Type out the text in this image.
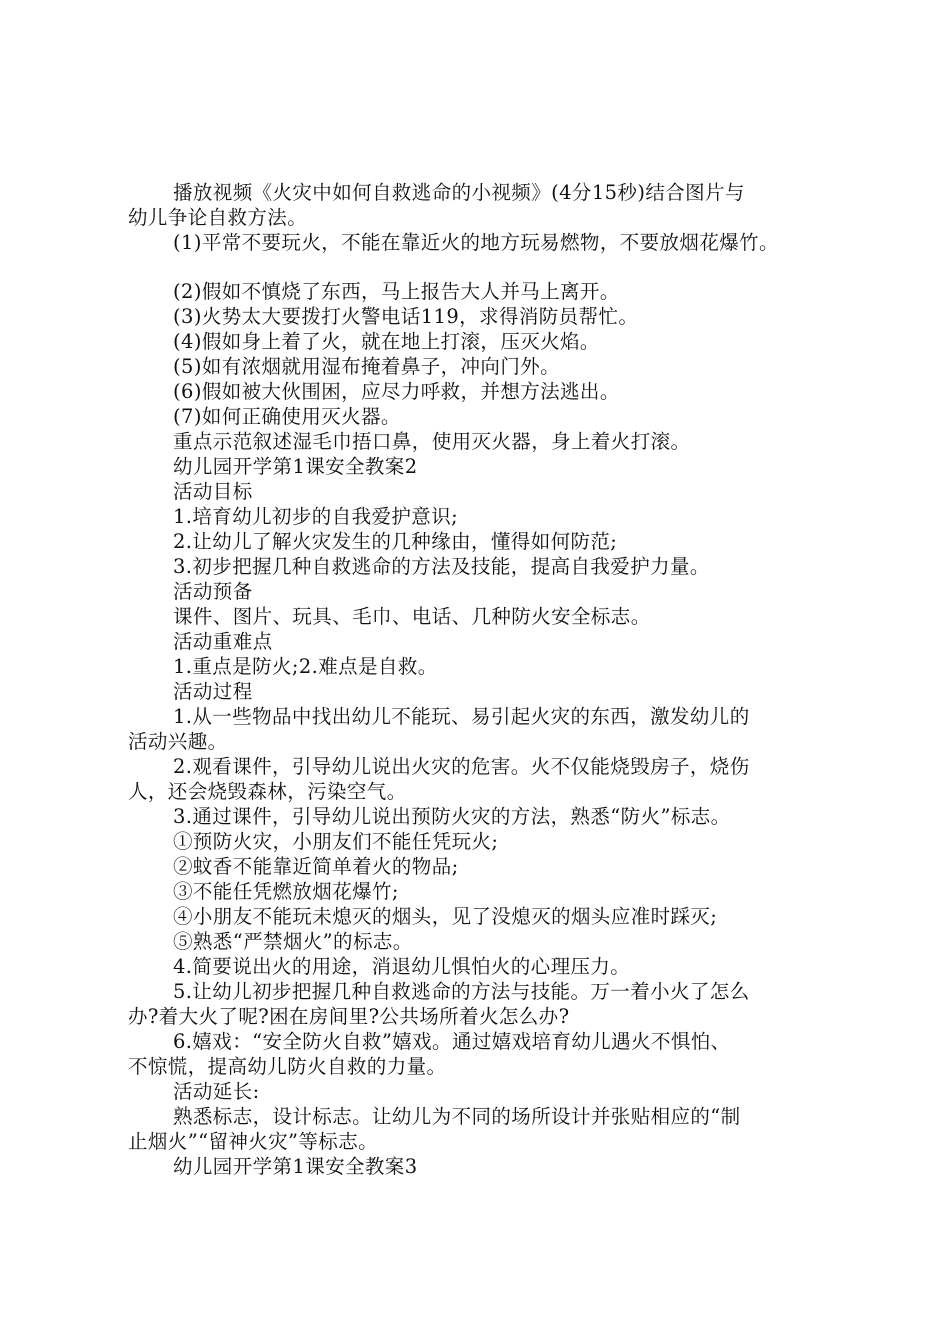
播放视频《火灾中如何自救逃命的小视频》(4分15秒)结合图片与
幼儿争论自救方法。
(1)平常不要玩火，不能在靠近火的地方玩易燃物，不要放烟花爆竹。
(2)假如不慎烧了东西，马上报告大人并马上离开。
(3)火势太大要拨打火警电话119，求得消防员帮忙。
(4)假如身上着了火，就在地上打滚，压灭火焰。
(5)如有浓烟就用湿布掩着鼻子，冲向门外。
(6)假如被大伙围困，应尽力呼救，并想方法逃出。
(7)如何正确使用灭火器。
重点示范叙述湿毛巾捂口鼻，使用灭火器，身上着火打滚。
幼儿园开学第1课安全教案2
活动目标
1.培育幼儿初步的自我爱护意识;
2.让幼儿了解火灾发生的几种缘由，懂得如何防范;
3.初步把握几种自救逃命的方法及技能，提高自我爱护力量。
活动预备
课件、图片、玩具、毛巾、电话、几种防火安全标志。
活动重难点
1.重点是防火;2.难点是自救。
活动过程
1.从一些物品中找出幼儿不能玩、易引起火灾的东西，激发幼儿的
活动兴趣。
2.观看课件，引导幼儿说出火灾的危害。火不仅能烧毁房子，烧伤
人，还会烧毁森林，污染空气。
3.通过课件，引导幼儿说出预防火灾的方法，熟悉“防火”标志。
①预防火灾，小朋友们不能任凭玩火;
②蚊香不能靠近简单着火的物品;
③不能任凭燃放烟花爆竹;
④小朋友不能玩未熄灭的烟头，见了没熄灭的烟头应准时踩灭;
⑤熟悉“严禁烟火”的标志。
4.简要说出火的用途，消退幼儿惧怕火的心理压力。
5.让幼儿初步把握几种自救逃命的方法与技能。万一着小火了怎么
办?着大火了呢?困在房间里?公共场所着火怎么办?
6.嬉戏：“安全防火自救”嬉戏。通过嬉戏培育幼儿遇火不惧怕、
不惊慌，提高幼儿防火自救的力量。
活动延长:
熟悉标志，设计标志。让幼儿为不同的场所设计并张贴相应的“制
止烟火”“留神火灾”等标志。
幼儿园开学第1课安全教案3
